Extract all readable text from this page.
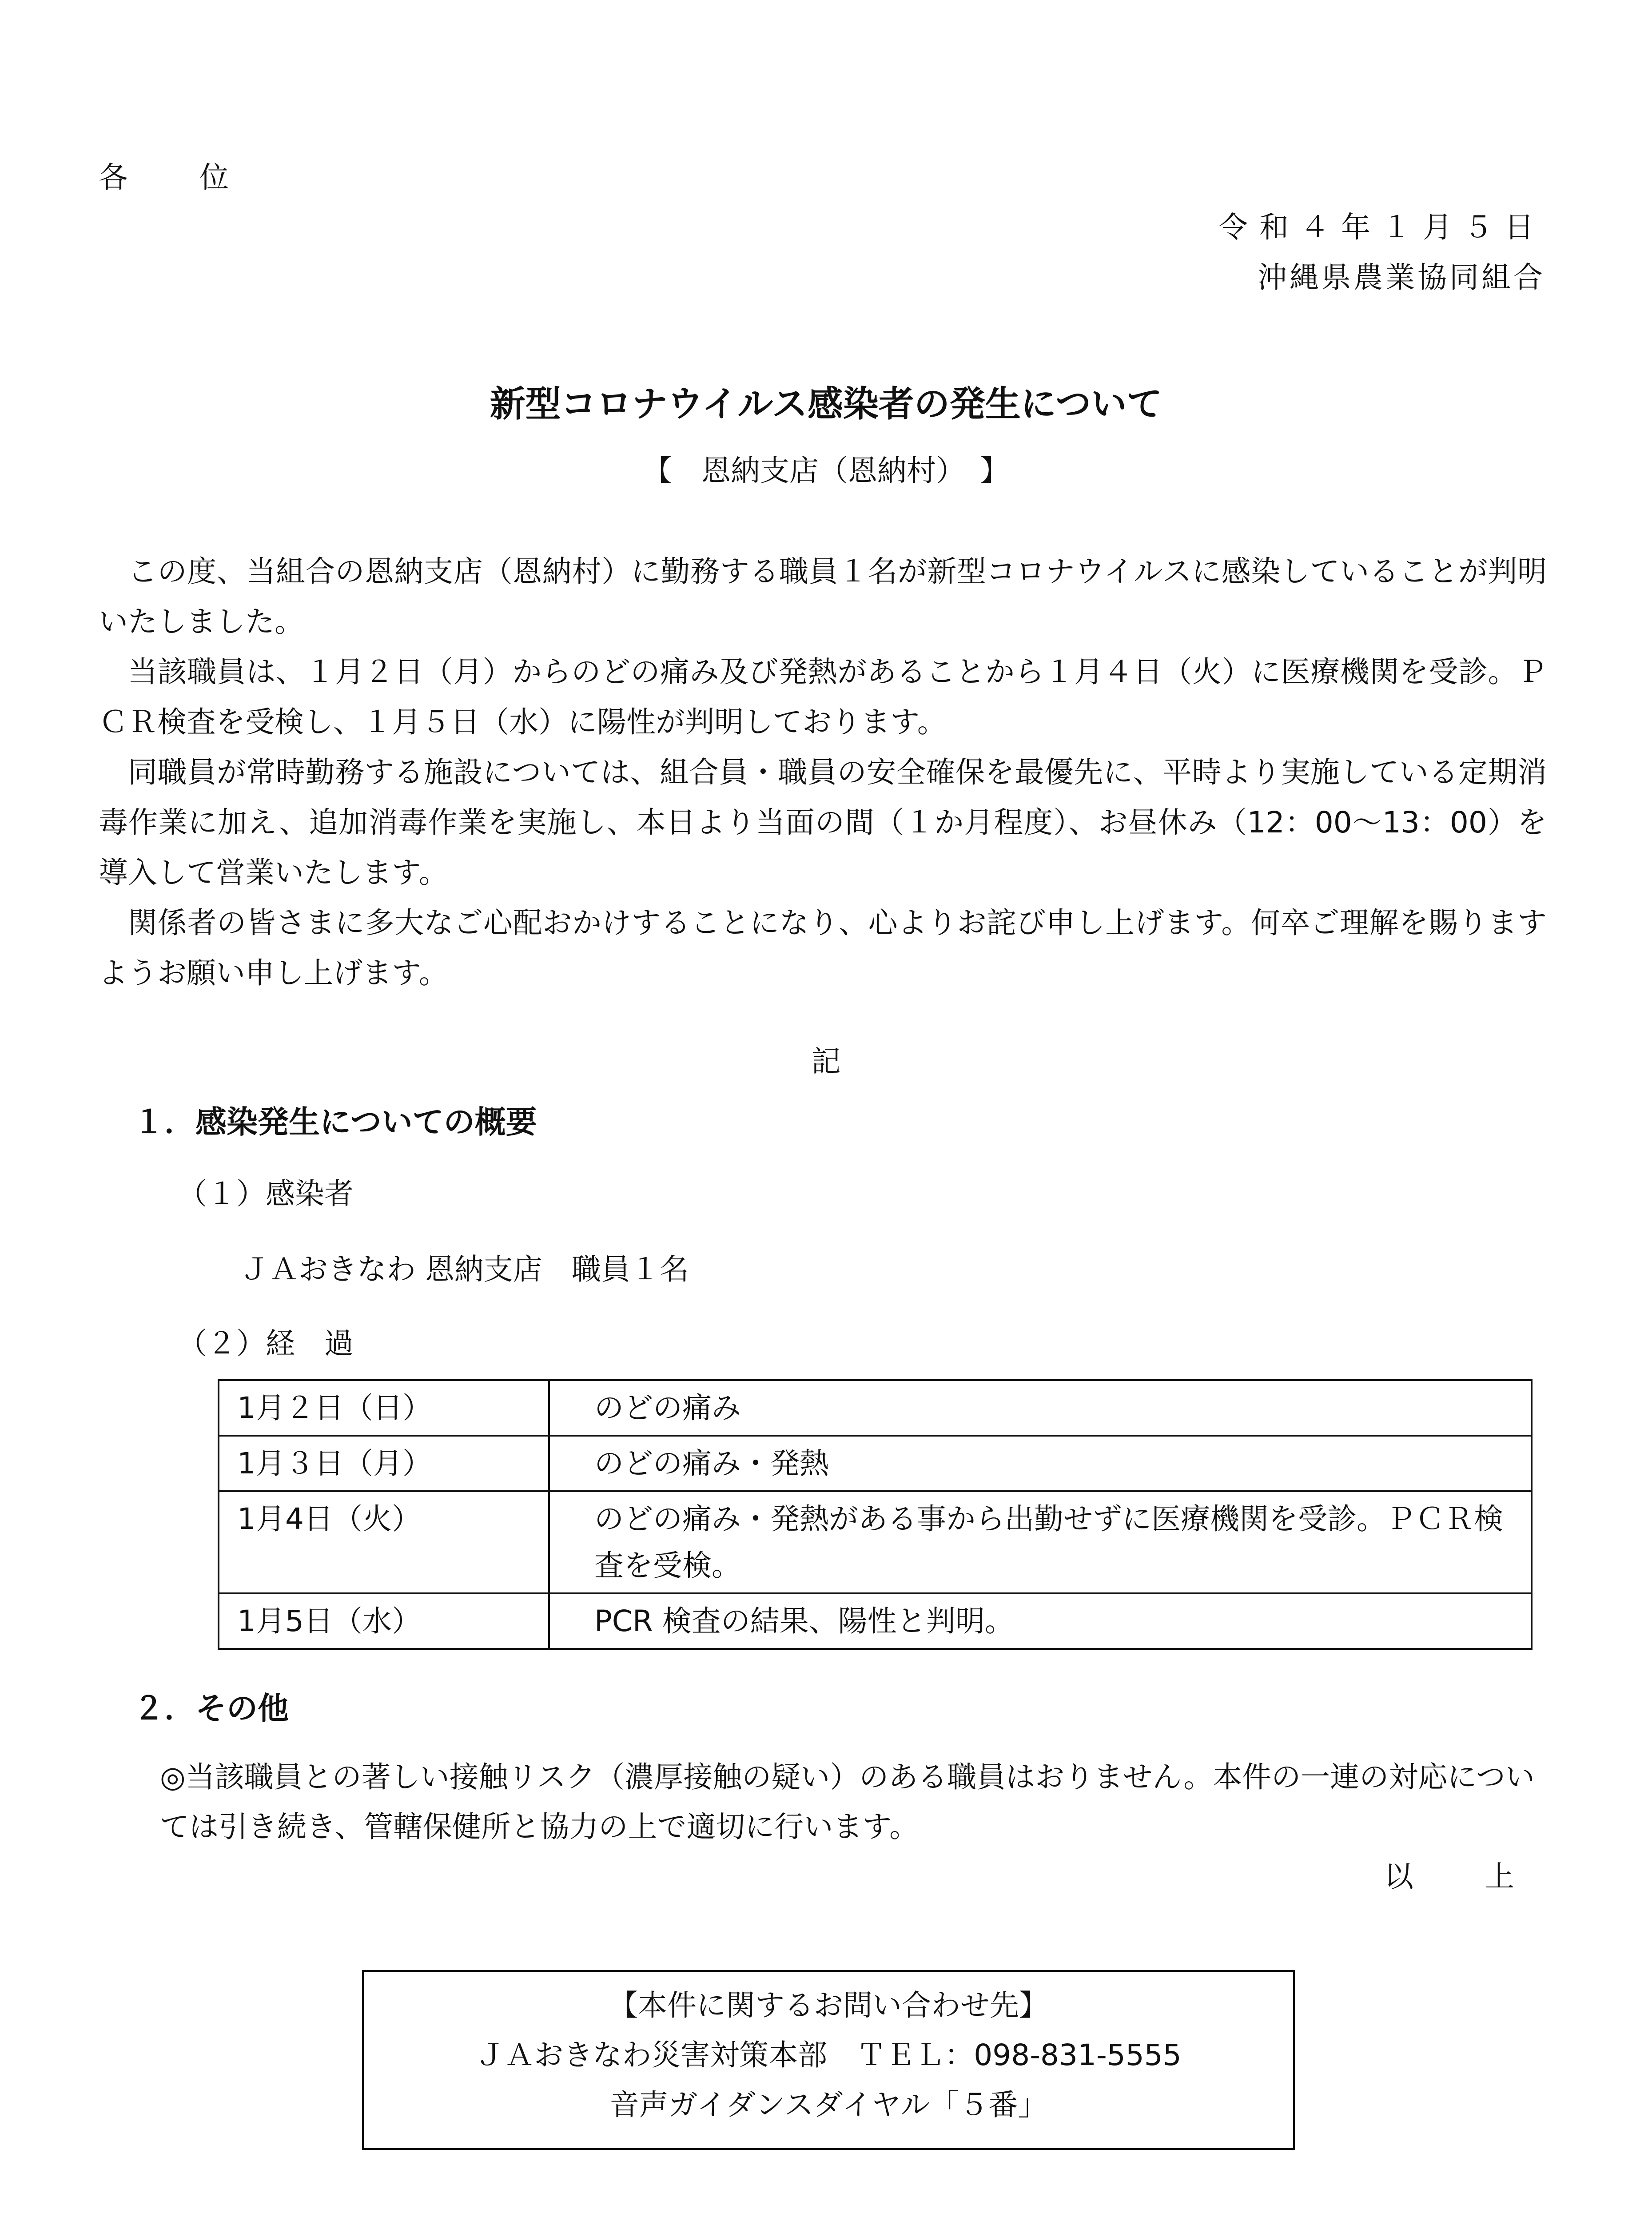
各 位
令和４年１月５日
沖縄県農業協同組合
新型コロナウイルス感染者の発生について
【　恩納支店（恩納村）　】
この度、当組合の恩納支店（恩納村）に勤務する職員１名が新型コロナウイルスに感染していることが判明いたしました。
当該職員は、１月２日（月）からのどの痛み及び発熱があることから１月４日（火）に医療機関を受診。ＰＣＲ検査を受検し、１月５日（水）に陽性が判明しております。
同職員が常時勤務する施設については、組合員・職員の安全確保を最優先に、平時より実施している定期消毒作業に加え、追加消毒作業を実施し、本日より当面の間（１か月程度）、お昼休み（12：00～13：00）を導入して営業いたします。
関係者の皆さまに多大なご心配おかけすることになり、心よりお詫び申し上げます。何卒ご理解を賜りますようお願い申し上げます。
記
１．感染発生についての概要
（１）感染者
ＪＡおきなわ 恩納支店　職員１名
（２）経　過
1月２日（日）	のどの痛み
1月３日（月）	のどの痛み・発熱
1月4日（火）	のどの痛み・発熱がある事から出勤せずに医療機関を受診。ＰＣＲ検査を受検。
1月5日（水）	PCR 検査の結果、陽性と判明。
２．その他
◎当該職員との著しい接触リスク（濃厚接触の疑い）のある職員はおりません。本件の一連の対応については引き続き、管轄保健所と協力の上で適切に行います。
以 上
【本件に関するお問い合わせ先】
ＪＡおきなわ災害対策本部　ＴＥＬ：098-831-5555
音声ガイダンスダイヤル「５番」
